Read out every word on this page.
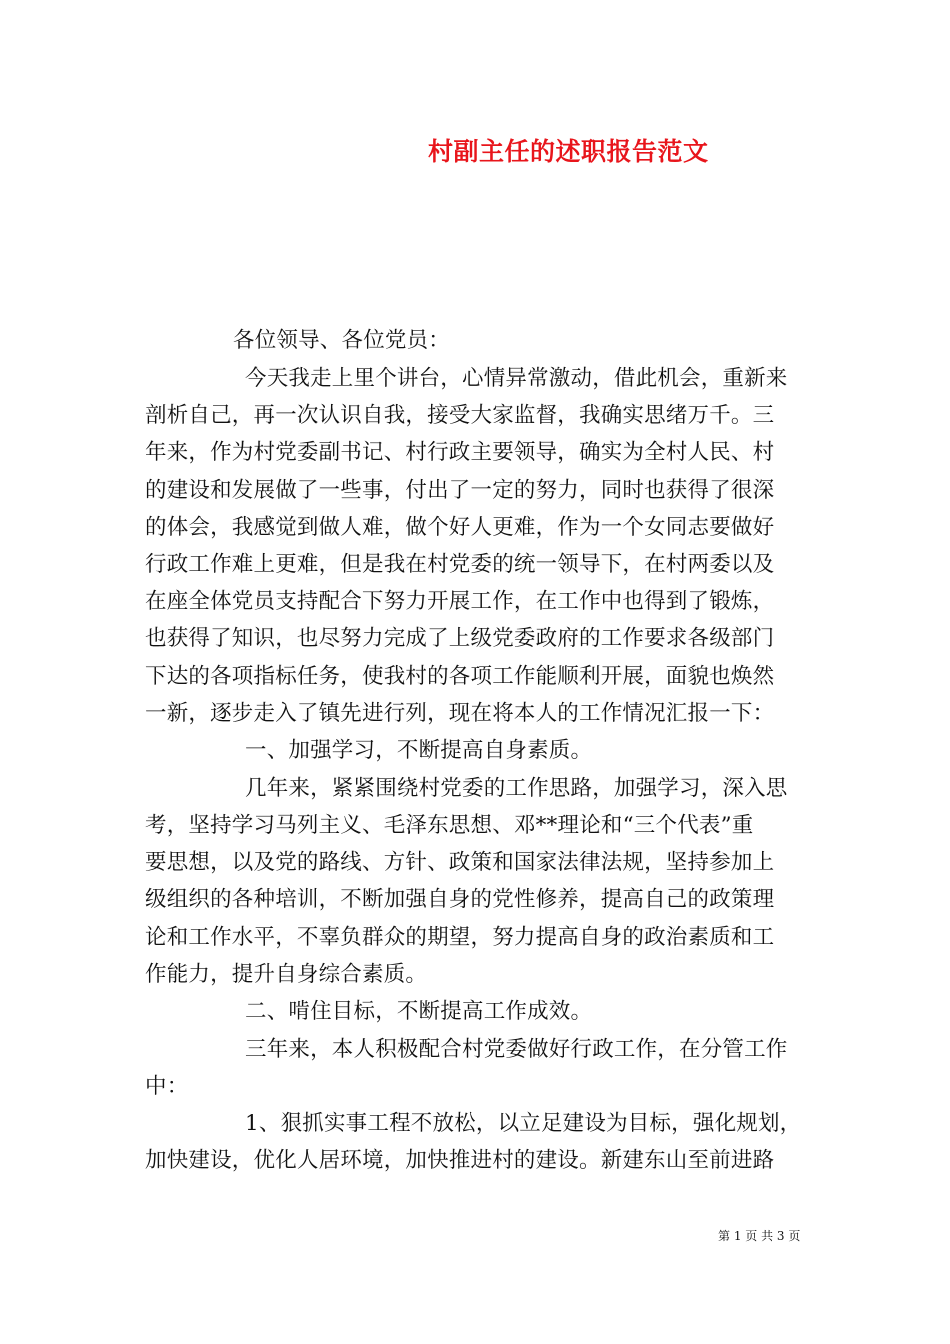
村副主任的述职报告范文
各位领导、各位党员：
今天我走上里个讲台，心情异常激动，借此机会，重新来
剖析自己，再一次认识自我，接受大家监督，我确实思绪万千。三
年来，作为村党委副书记、村行政主要领导，确实为全村人民、村
的建设和发展做了一些事，付出了一定的努力，同时也获得了很深
的体会，我感觉到做人难，做个好人更难，作为一个女同志要做好
行政工作难上更难，但是我在村党委的统一领导下，在村两委以及
在座全体党员支持配合下努力开展工作，在工作中也得到了锻炼，
也获得了知识，也尽努力完成了上级党委政府的工作要求各级部门
下达的各项指标任务，使我村的各项工作能顺利开展，面貌也焕然
一新，逐步走入了镇先进行列，现在将本人的工作情况汇报一下：
一、加强学习，不断提高自身素质。
几年来，紧紧围绕村党委的工作思路，加强学习，深入思
考，坚持学习马列主义、毛泽东思想、邓**理论和“三个代表”重
要思想，以及党的路线、方针、政策和国家法律法规，坚持参加上
级组织的各种培训，不断加强自身的党性修养，提高自己的政策理
论和工作水平，不辜负群众的期望，努力提高自身的政治素质和工
作能力，提升自身综合素质。
二、啃住目标，不断提高工作成效。
三年来，本人积极配合村党委做好行政工作，在分管工作
中：
1、狠抓实事工程不放松，以立足建设为目标，强化规划，
加快建设，优化人居环境，加快推进村的建设。新建东山至前进路
第 1 页 共 3 页
